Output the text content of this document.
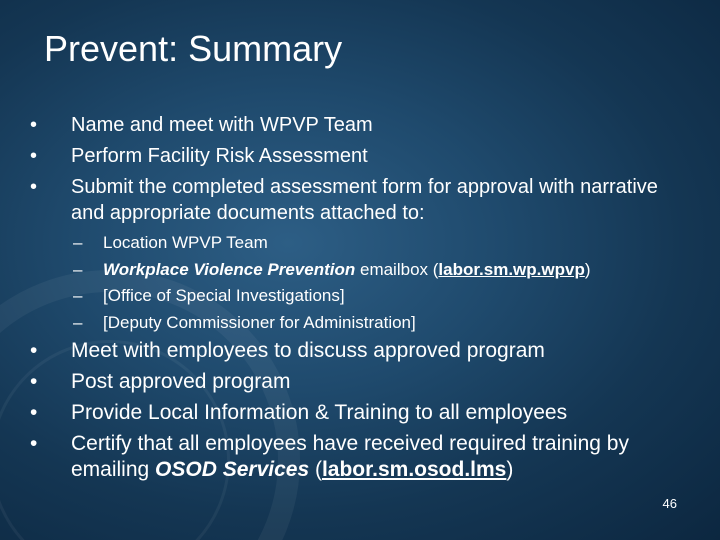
Prevent: Summary
• Name and meet with WPVP Team
• Perform Facility Risk Assessment
• Submit the completed assessment form for approval with narrative and appropriate documents attached to:
– Location WPVP Team
– Workplace Violence Prevention emailbox (labor.sm.wp.wpvp)
– [Office of Special Investigations]
– [Deputy Commissioner for Administration]
• Meet with employees to discuss approved program
• Post approved program
• Provide Local Information & Training to all employees
• Certify that all employees have received required training by emailing OSOD Services (labor.sm.osod.lms)
46
